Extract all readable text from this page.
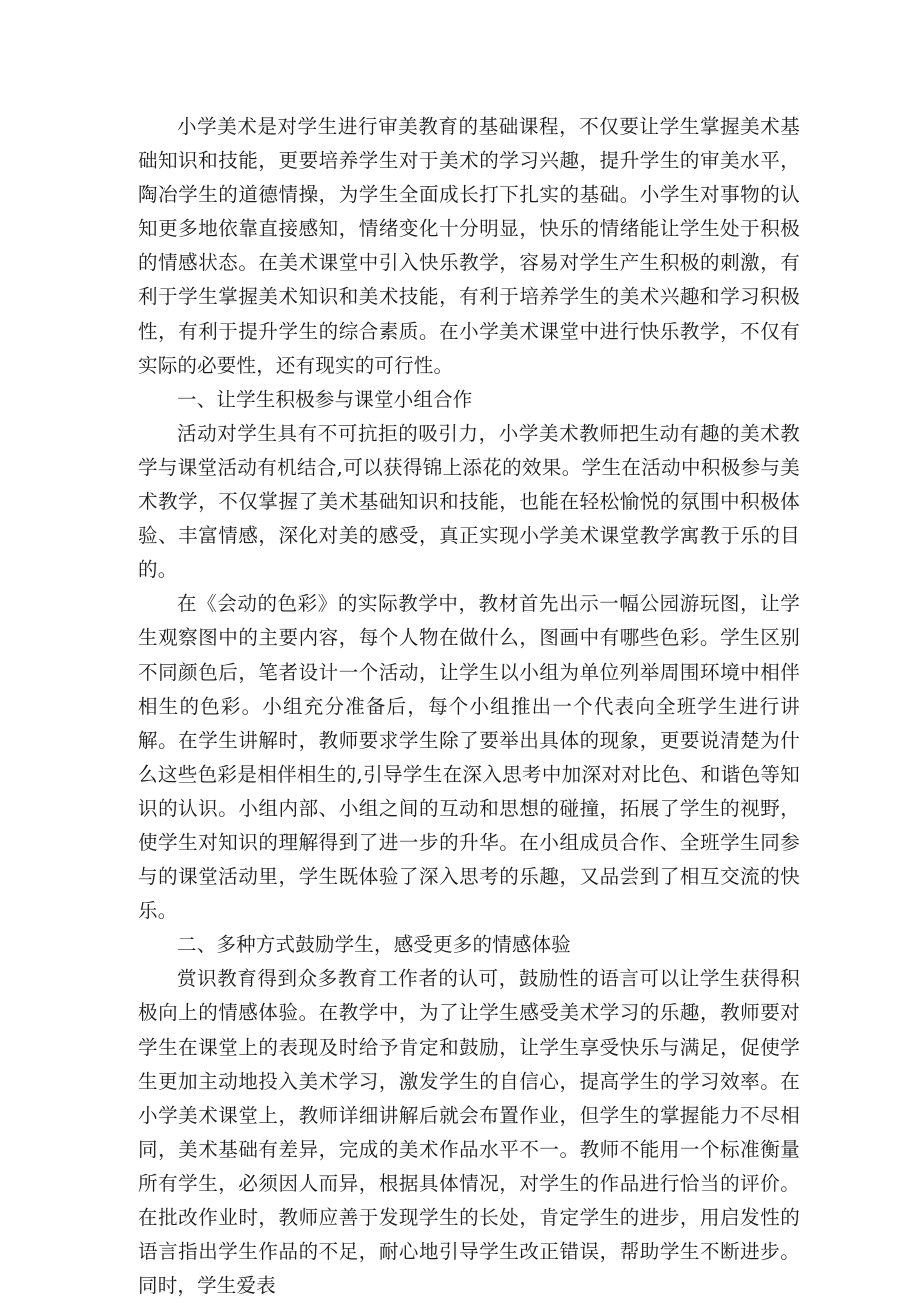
小学美术是对学生进行审美教育的基础课程，不仅要让学生掌握美术基础知识和技能，更要培养学生对于美术的学习兴趣，提升学生的审美水平，陶冶学生的道德情操，为学生全面成长打下扎实的基础。小学生对事物的认知更多地依靠直接感知，情绪变化十分明显，快乐的情绪能让学生处于积极的情感状态。在美术课堂中引入快乐教学，容易对学生产生积极的刺激，有利于学生掌握美术知识和美术技能，有利于培养学生的美术兴趣和学习积极性，有利于提升学生的综合素质。在小学美术课堂中进行快乐教学，不仅有实际的必要性，还有现实的可行性。

一、让学生积极参与课堂小组合作

活动对学生具有不可抗拒的吸引力，小学美术教师把生动有趣的美术教学与课堂活动有机结合,可以获得锦上添花的效果。学生在活动中积极参与美术教学，不仅掌握了美术基础知识和技能，也能在轻松愉悦的氛围中积极体验、丰富情感，深化对美的感受，真正实现小学美术课堂教学寓教于乐的目的。

在《会动的色彩》的实际教学中，教材首先出示一幅公园游玩图，让学生观察图中的主要内容，每个人物在做什么，图画中有哪些色彩。学生区别不同颜色后，笔者设计一个活动，让学生以小组为单位列举周围环境中相伴相生的色彩。小组充分准备后，每个小组推出一个代表向全班学生进行讲解。在学生讲解时，教师要求学生除了要举出具体的现象，更要说清楚为什么这些色彩是相伴相生的,引导学生在深入思考中加深对对比色、和谐色等知识的认识。小组内部、小组之间的互动和思想的碰撞，拓展了学生的视野，使学生对知识的理解得到了进一步的升华。在小组成员合作、全班学生同参与的课堂活动里，学生既体验了深入思考的乐趣，又品尝到了相互交流的快乐。

二、多种方式鼓励学生，感受更多的情感体验

赏识教育得到众多教育工作者的认可，鼓励性的语言可以让学生获得积极向上的情感体验。在教学中，为了让学生感受美术学习的乐趣，教师要对学生在课堂上的表现及时给予肯定和鼓励，让学生享受快乐与满足，促使学生更加主动地投入美术学习，激发学生的自信心，提高学生的学习效率。在小学美术课堂上，教师详细讲解后就会布置作业，但学生的掌握能力不尽相同，美术基础有差异，完成的美术作品水平不一。教师不能用一个标准衡量所有学生，必须因人而异，根据具体情况，对学生的作品进行恰当的评价。在批改作业时，教师应善于发现学生的长处，肯定学生的进步，用启发性的语言指出学生作品的不足，耐心地引导学生改正错误，帮助学生不断进步。同时，学生爱表
